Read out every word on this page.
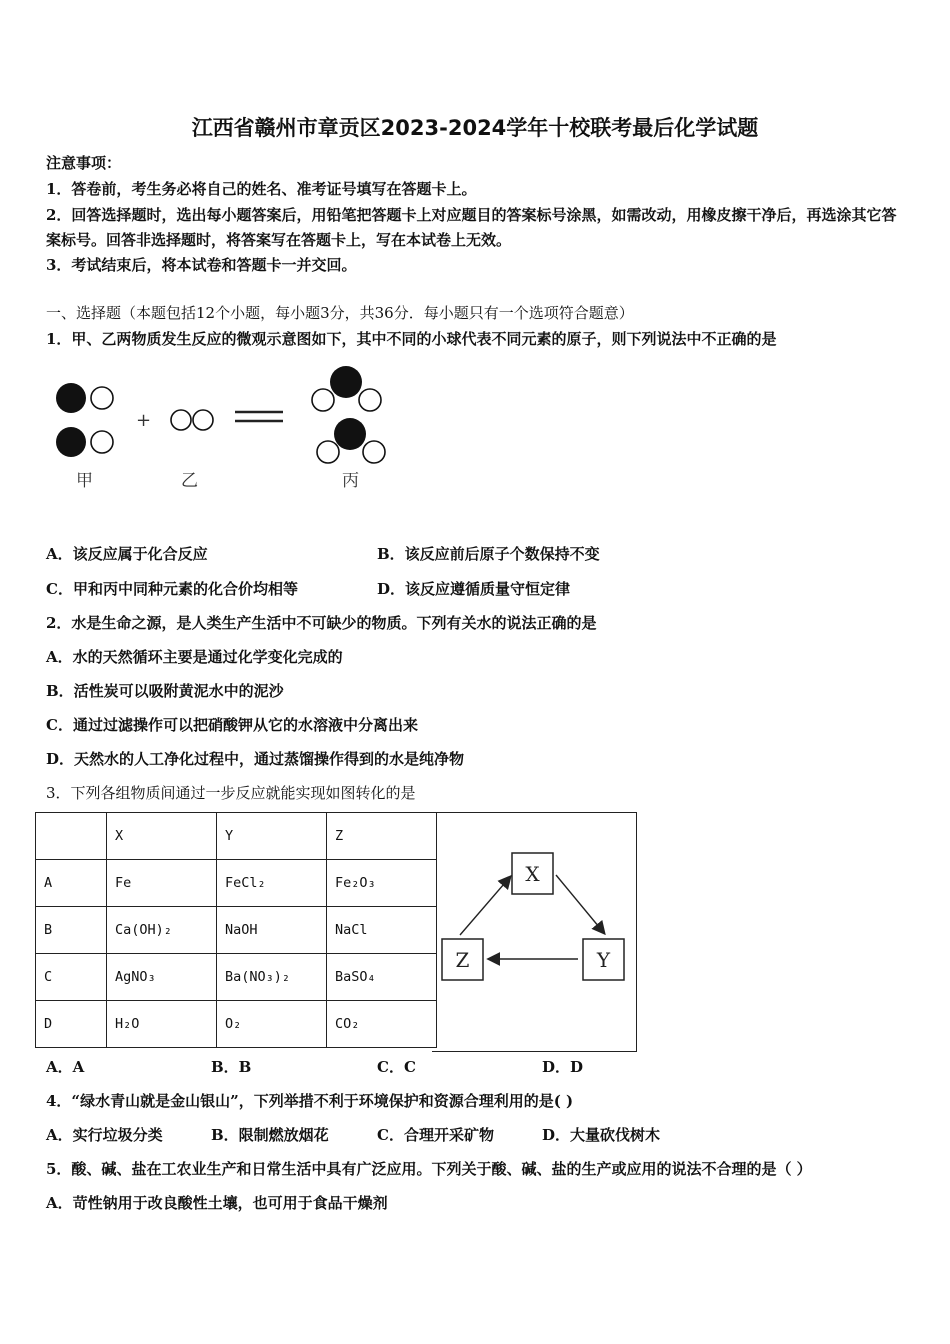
江西省赣州市章贡区2023-2024学年十校联考最后化学试题
注意事项：
1．答卷前，考生务必将自己的姓名、准考证号填写在答题卡上。
2．回答选择题时，选出每小题答案后，用铅笔把答题卡上对应题目的答案标号涂黑，如需改动，用橡皮擦干净后，再选涂其它答案标号。回答非选择题时，将答案写在答题卡上，写在本试卷上无效。
3．考试结束后，将本试卷和答题卡一并交回。
一、选择题（本题包括12个小题，每小题3分，共36分．每小题只有一个选项符合题意）
1．甲、乙两物质发生反应的微观示意图如下，其中不同的小球代表不同元素的原子，则下列说法中不正确的是
+
甲	乙	丙
A．该反应属于化合反应	B．该反应前后原子个数保持不变
C．甲和丙中同种元素的化合价均相等	D．该反应遵循质量守恒定律
2．水是生命之源，是人类生产生活中不可缺少的物质。下列有关水的说法正确的是
A．水的天然循环主要是通过化学变化完成的
B．活性炭可以吸附黄泥水中的泥沙
C．通过过滤操作可以把硝酸钾从它的水溶液中分离出来
D．天然水的人工净化过程中，通过蒸馏操作得到的水是纯净物
3．下列各组物质间通过一步反应就能实现如图转化的是
	X	Y	Z
A	Fe	FeCl₂	Fe₂O₃
B	Ca(OH)₂	NaOH	NaCl
C	AgNO₃	Ba(NO₃)₂	BaSO₄
D	H₂O	O₂	CO₂
X
Z	Y
A．A	B．B	C．C	D．D
4．“绿水青山就是金山银山”，下列举措不利于环境保护和资源合理利用的是( )
A．实行垃圾分类	B．限制燃放烟花	C．合理开采矿物	D．大量砍伐树木
5．酸、碱、盐在工农业生产和日常生活中具有广泛应用。下列关于酸、碱、盐的生产或应用的说法不合理的是（ ）
A．苛性钠用于改良酸性土壤，也可用于食品干燥剂
